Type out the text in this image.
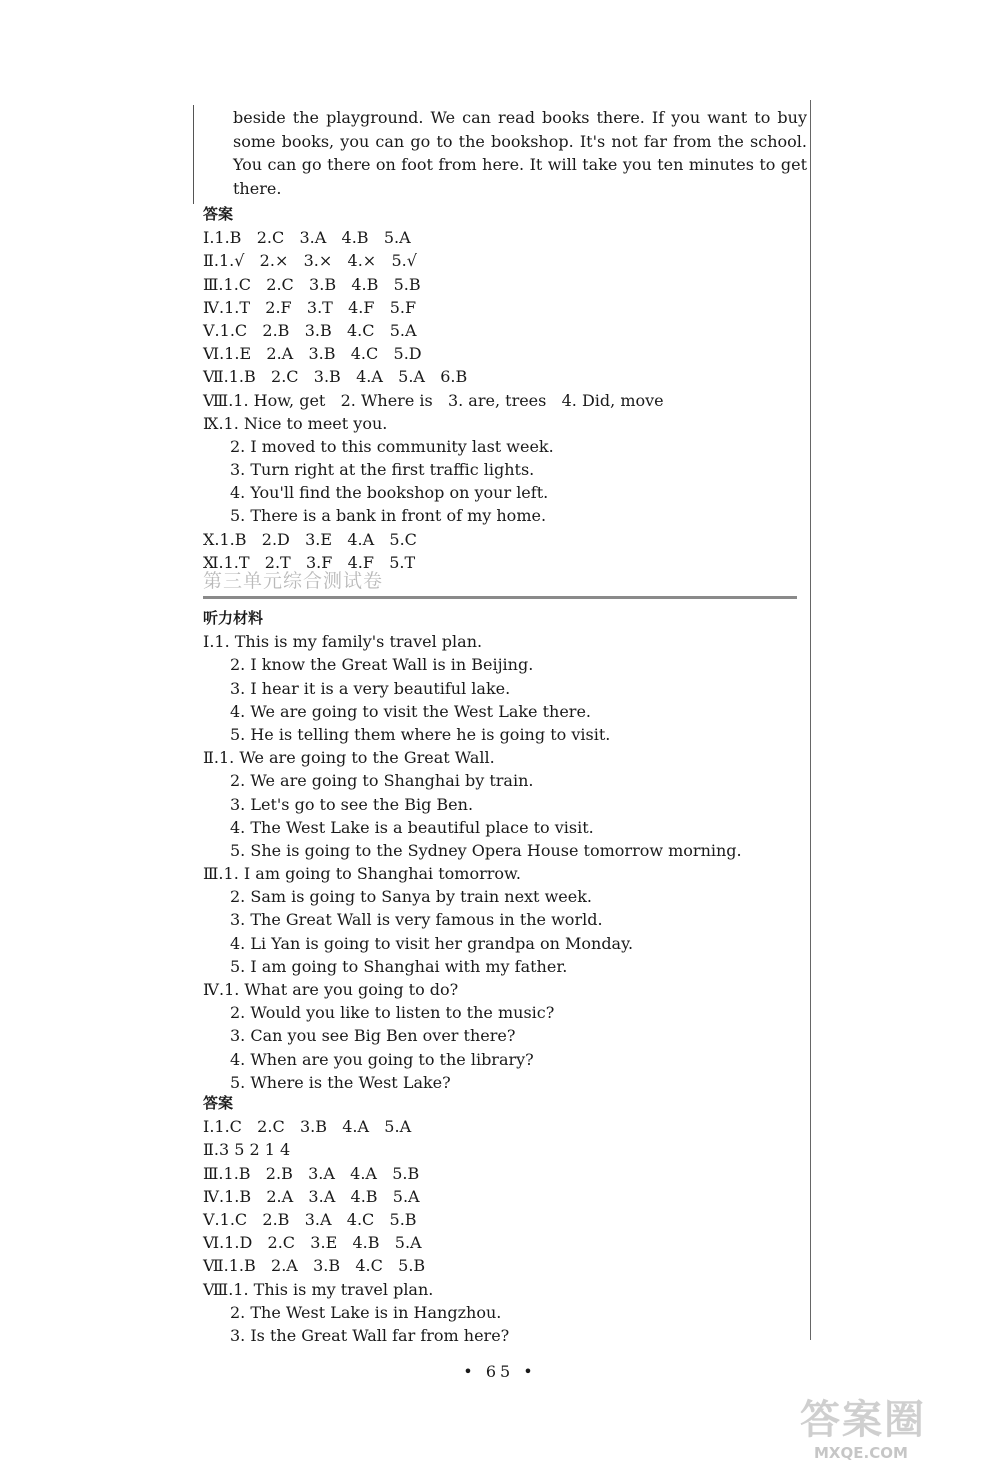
beside the playground. We can read books there. If you want to buy some books, you can go to the bookshop. It's not far from the school. You can go there on foot from here. It will take you ten minutes to get there.
答案
Ⅰ.1.B   2.C   3.A   4.B   5.A
Ⅱ.1.√   2.×   3.×   4.×   5.√
Ⅲ.1.C   2.C   3.B   4.B   5.B
Ⅳ.1.T   2.F   3.T   4.F   5.F
Ⅴ.1.C   2.B   3.B   4.C   5.A
Ⅵ.1.E   2.A   3.B   4.C   5.D
Ⅶ.1.B   2.C   3.B   4.A   5.A   6.B
Ⅷ.1. How, get   2. Where is   3. are, trees   4. Did, move
Ⅸ.1. Nice to meet you.
2. I moved to this community last week.
3. Turn right at the first traffic lights.
4. You'll find the bookshop on your left.
5. There is a bank in front of my home.
Ⅹ.1.B   2.D   3.E   4.A   5.C
Ⅺ.1.T   2.T   3.F   4.F   5.T
第三单元综合测试卷
听力材料
Ⅰ.1. This is my family's travel plan.
2. I know the Great Wall is in Beijing.
3. I hear it is a very beautiful lake.
4. We are going to visit the West Lake there.
5. He is telling them where he is going to visit.
Ⅱ.1. We are going to the Great Wall.
2. We are going to Shanghai by train.
3. Let's go to see the Big Ben.
4. The West Lake is a beautiful place to visit.
5. She is going to the Sydney Opera House tomorrow morning.
Ⅲ.1. I am going to Shanghai tomorrow.
2. Sam is going to Sanya by train next week.
3. The Great Wall is very famous in the world.
4. Li Yan is going to visit her grandpa on Monday.
5. I am going to Shanghai with my father.
Ⅳ.1. What are you going to do?
2. Would you like to listen to the music?
3. Can you see Big Ben over there?
4. When are you going to the library?
5. Where is the West Lake?
答案
Ⅰ.1.C   2.C   3.B   4.A   5.A
Ⅱ.3 5 2 1 4
Ⅲ.1.B   2.B   3.A   4.A   5.B
Ⅳ.1.B   2.A   3.A   4.B   5.A
Ⅴ.1.C   2.B   3.A   4.C   5.B
Ⅵ.1.D   2.C   3.E   4.B   5.A
Ⅶ.1.B   2.A   3.B   4.C   5.B
Ⅷ.1. This is my travel plan.
2. The West Lake is in Hangzhou.
3. Is the Great Wall far from here?
• 65 •
答案圈
MXQE.COM
